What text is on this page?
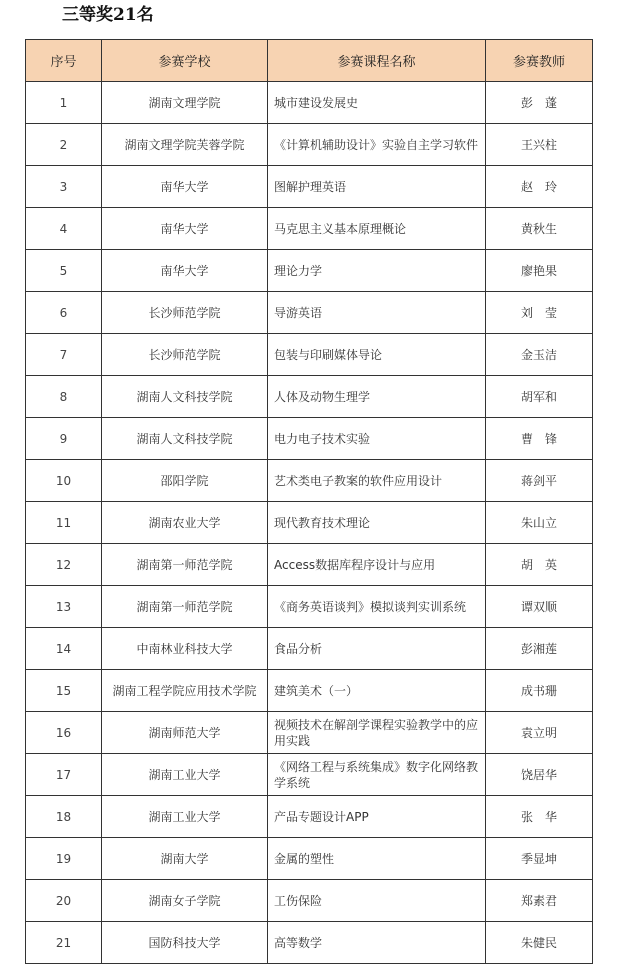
三等奖21名
序号	参赛学校	参赛课程名称	参赛教师
1	湖南文理学院	城市建设发展史	彭　蓬
2	湖南文理学院芙蓉学院	《计算机辅助设计》实验自主学习软件	王兴柱
3	南华大学	图解护理英语	赵　玲
4	南华大学	马克思主义基本原理概论	黄秋生
5	南华大学	理论力学	廖艳果
6	长沙师范学院	导游英语	刘　莹
7	长沙师范学院	包装与印刷媒体导论	金玉洁
8	湖南人文科技学院	人体及动物生理学	胡军和
9	湖南人文科技学院	电力电子技术实验	曹　锋
10	邵阳学院	艺术类电子教案的软件应用设计	蒋剑平
11	湖南农业大学	现代教育技术理论	朱山立
12	湖南第一师范学院	Access数据库程序设计与应用	胡　英
13	湖南第一师范学院	《商务英语谈判》模拟谈判实训系统	谭双顺
14	中南林业科技大学	食品分析	彭湘莲
15	湖南工程学院应用技术学院	建筑美术（一）	成书珊
16	湖南师范大学	视频技术在解剖学课程实验教学中的应用实践	袁立明
17	湖南工业大学	《网络工程与系统集成》数字化网络教学系统	饶居华
18	湖南工业大学	产品专题设计APP	张　华
19	湖南大学	金属的塑性	季显坤
20	湖南女子学院	工伤保险	郑素君
21	国防科技大学	高等数学	朱健民
